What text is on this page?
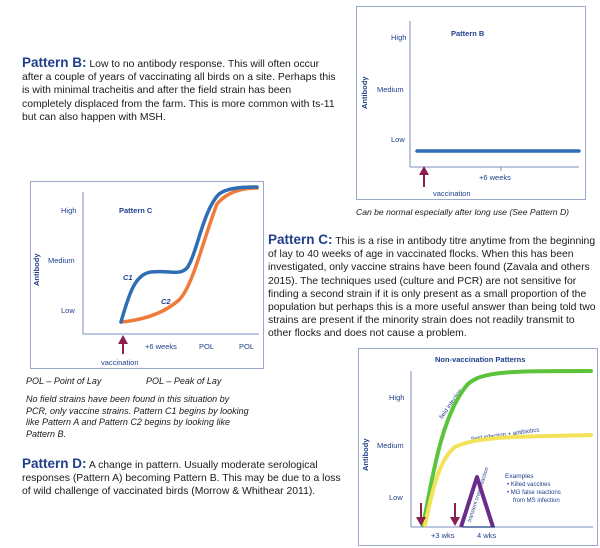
Pattern B: Low to no antibody response. This will often occur after a couple of years of vaccinating all birds on a site. Perhaps this is with minimal tracheitis and after the field strain has been completely displaced from the farm. This is more common with ts-11 but can also happen with MSH.
Pattern B
Antibody
High
Medium
Low
+6 weeks
vaccination
Can be normal especially after long use (See Pattern D)
Pattern C
Antibody
High
Medium
Low
C1
C2
+6 weeks	POL	POL
vaccination
Pattern C: This is a rise in antibody titre anytime from the beginning of lay to 40 weeks of age in vaccinated flocks. When this has been investigated, only vaccine strains have been found (Zavala and others 2015). The techniques used (culture and PCR) are not sensitive for finding a second strain if it is only present as a small proportion of the population but perhaps this is a more useful answer than being told two strains are present if the minority strain does not readily transmit to other flocks and does not cause a problem.
POL – Point of Lay	POL – Peak of Lay
No field strains have been found in this situation by PCR, only vaccine strains. Pattern C1 begins by looking like Pattern A and Pattern C2 begins by looking like Pattern B.
Pattern D: A change in pattern. Usually moderate serological responses (Pattern A) becoming Pattern B. This may be due to a loss of wild challenge of vaccinated birds (Morrow & Whithear 2011).
Non-vaccination Patterns
Antibody
High
Medium
Low
+3 wks	4 wks
field infection
field infection + antibiotics
transient cross-reaction Examples
• Killed vaccines
• MG false reactions
from MS infection
